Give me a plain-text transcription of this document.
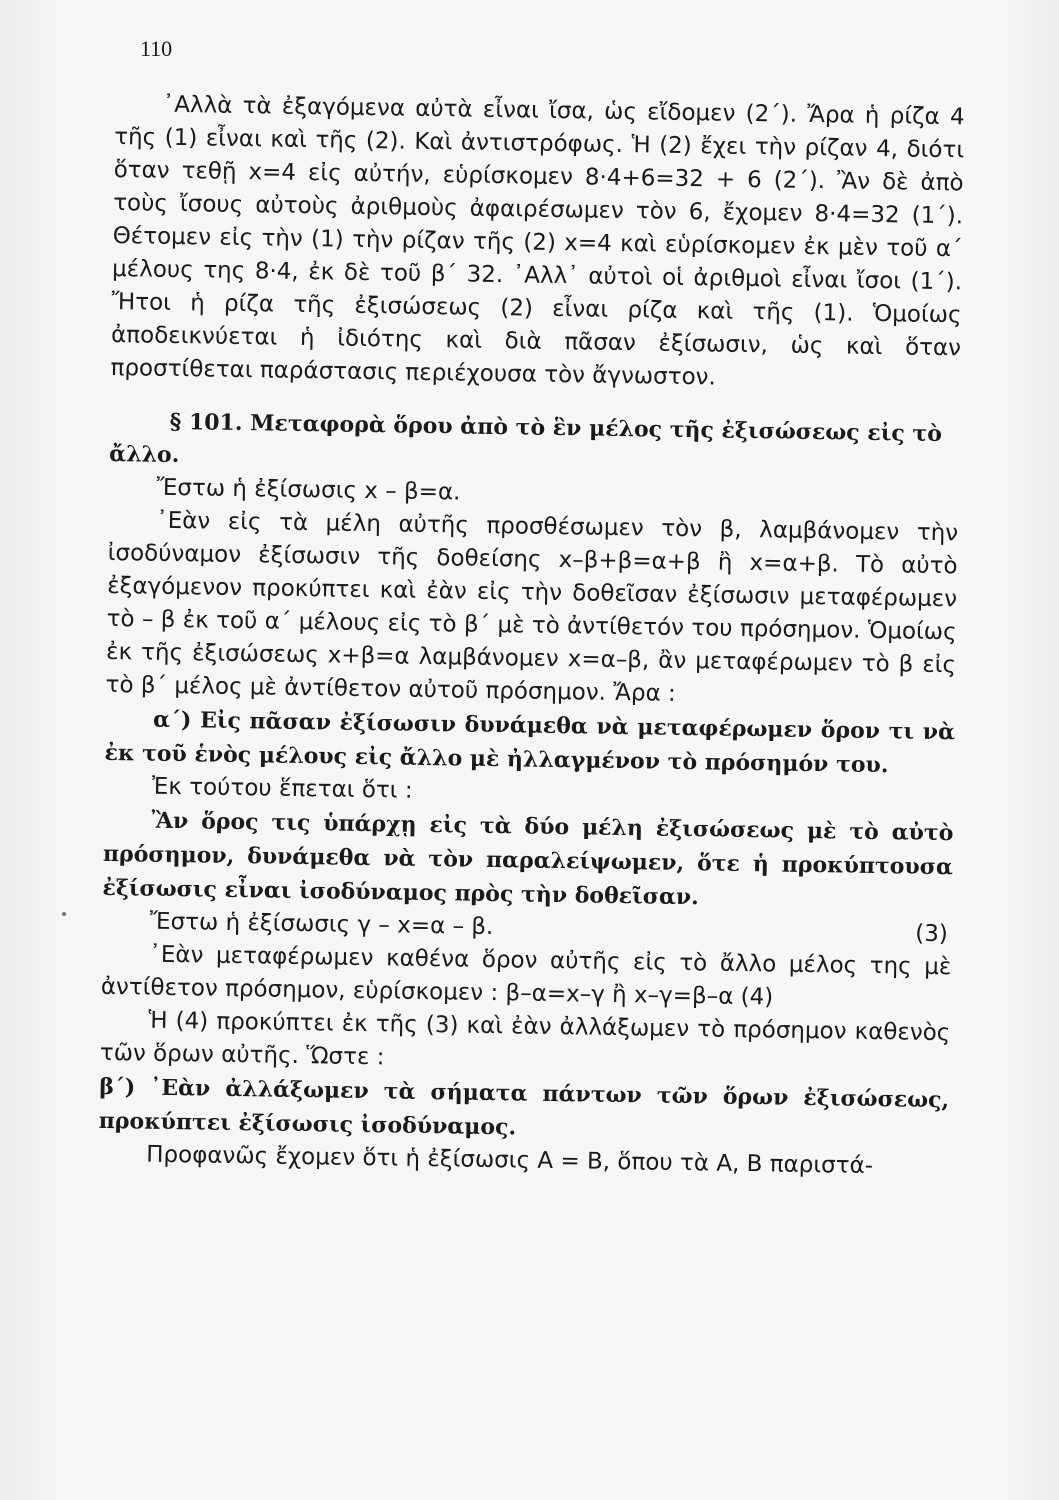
110

᾿Αλλὰ τὰ ἐξαγόμενα αὐτὰ εἶναι ἴσα, ὡς εἴδομεν (2΄). Ἄρα ἡ ρίζα 4 τῆς (1) εἶναι καὶ τῆς (2). Καὶ ἀντιστρόφως. Ἡ (2) ἔχει τὴν ρίζαν 4, διότι ὅταν τεθῇ x=4 εἰς αὐτήν, εὑρίσκομεν 8·4+6=32 + 6 (2΄). Ἂν δὲ ἀπὸ τοὺς ἴσους αὐτοὺς ἀριθμοὺς ἀφαιρέσωμεν τὸν 6, ἔχομεν 8·4=32 (1΄). Θέτομεν εἰς τὴν (1) τὴν ρίζαν τῆς (2) x=4 καὶ εὑρίσκομεν ἐκ μὲν τοῦ α΄ μέλους της 8·4, ἐκ δὲ τοῦ β΄ 32. ᾿Αλλ᾿ αὐτοὶ οἱ ἀριθμοὶ εἶναι ἴσοι (1΄). Ἤτοι ἡ ρίζα τῆς ἐξισώσεως (2) εἶναι ρίζα καὶ τῆς (1). Ὁμοίως ἀποδεικνύεται ἡ ἰδιότης καὶ διὰ πᾶσαν ἐξίσωσιν, ὡς καὶ ὅταν προστίθεται παράστασις περιέχουσα τὸν ἄγνωστον.

§ 101. Μεταφορὰ ὅρου ἀπὸ τὸ ἓν μέλος τῆς ἐξισώσεως εἰς τὸ ἄλλο.

Ἔστω ἡ ἐξίσωσις x – β=α.

᾿Εὰν εἰς τὰ μέλη αὐτῆς προσθέσωμεν τὸν β, λαμβάνομεν τὴν ἰσοδύναμον ἐξίσωσιν τῆς δοθείσης x–β+β=α+β ἢ x=α+β. Τὸ αὐτὸ ἐξαγόμενον προκύπτει καὶ ἐὰν εἰς τὴν δοθεῖσαν ἐξίσωσιν μεταφέρωμεν τὸ – β ἐκ τοῦ α΄ μέλους εἰς τὸ β΄ μὲ τὸ ἀντίθετόν του πρόσημον. Ὁμοίως ἐκ τῆς ἐξισώσεως x+β=α λαμβάνομεν x=α–β, ἂν μεταφέρωμεν τὸ β εἰς τὸ β΄ μέλος μὲ ἀντίθετον αὐτοῦ πρόσημον. Ἄρα :

α΄) Εἰς πᾶσαν ἐξίσωσιν δυνάμεθα νὰ μεταφέρωμεν ὅρον τι νὰ ἐκ τοῦ ἑνὸς μέλους εἰς ἄλλο μὲ ἠλλαγμένον τὸ πρόσημόν του.

Ἐκ τούτου ἕπεται ὅτι :

Ἂν ὅρος τις ὑπάρχῃ εἰς τὰ δύο μέλη ἐξισώσεως μὲ τὸ αὐτὸ πρόσημον, δυνάμεθα νὰ τὸν παραλείψωμεν, ὅτε ἡ προκύπτουσα ἐξίσωσις εἶναι ἰσοδύναμος πρὸς τὴν δοθεῖσαν.

Ἔστω ἡ ἐξίσωσις γ – x=α – β.	(3)

᾿Εὰν μεταφέρωμεν καθένα ὅρον αὐτῆς εἰς τὸ ἄλλο μέλος της μὲ ἀντίθετον πρόσημον, εὑρίσκομεν : β–α=x–γ ἢ x–γ=β–α (4)

Ἡ (4) προκύπτει ἐκ τῆς (3) καὶ ἐὰν ἀλλάξωμεν τὸ πρόσημον καθενὸς τῶν ὅρων αὐτῆς. Ὥστε :

β΄) ᾿Εὰν ἀλλάξωμεν τὰ σήματα πάντων τῶν ὅρων ἐξισώσεως, προκύπτει ἐξίσωσις ἰσοδύναμος.

Προφανῶς ἔχομεν ὅτι ἡ ἐξίσωσις A = B, ὅπου τὰ A, B παριστά-
